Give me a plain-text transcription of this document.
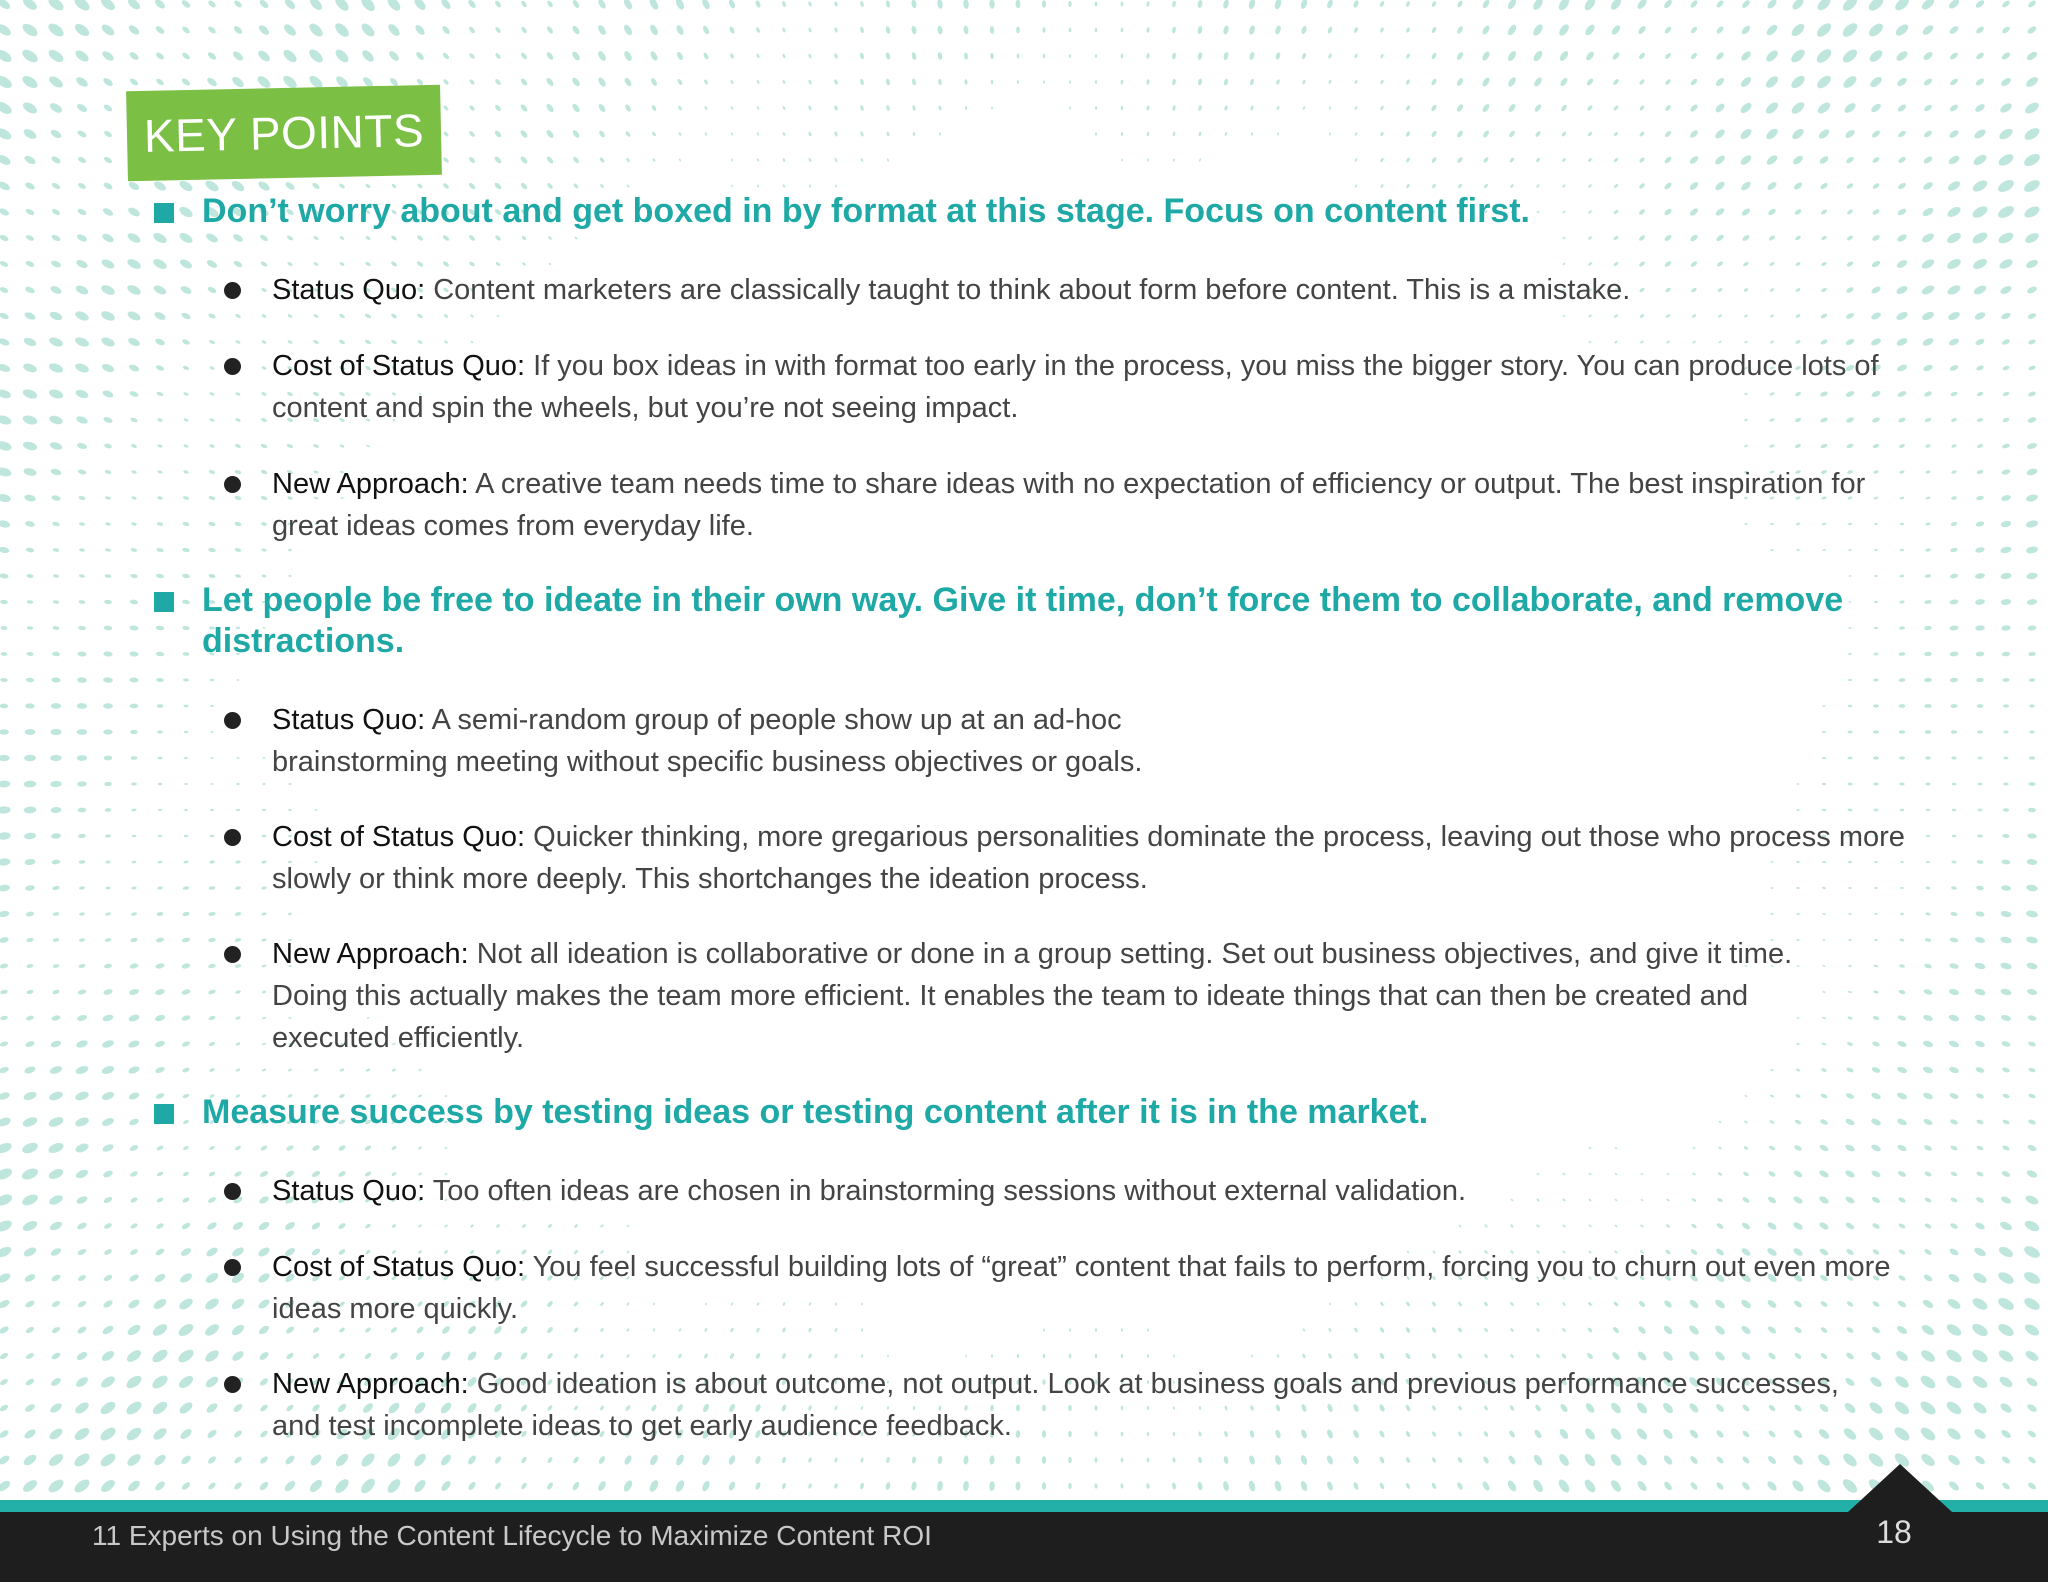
KEY POINTS
Don’t worry about and get boxed in by format at this stage. Focus on content first.
Status Quo: Content marketers are classically taught to think about form before content. This is a mistake.
Cost of Status Quo: If you box ideas in with format too early in the process, you miss the bigger story. You can produce lots of content and spin the wheels, but you’re not seeing impact.
New Approach: A creative team needs time to share ideas with no expectation of efficiency or output. The best inspiration for great ideas comes from everyday life.
Let people be free to ideate in their own way. Give it time, don’t force them to collaborate, and remove distractions.
Status Quo: A semi-random group of people show up at an ad-hoc brainstorming meeting without specific business objectives or goals.
Cost of Status Quo: Quicker thinking, more gregarious personalities dominate the process, leaving out those who process more slowly or think more deeply. This shortchanges the ideation process.
New Approach: Not all ideation is collaborative or done in a group setting. Set out business objectives, and give it time. Doing this actually makes the team more efficient. It enables the team to ideate things that can then be created and executed efficiently.
Measure success by testing ideas or testing content after it is in the market.
Status Quo: Too often ideas are chosen in brainstorming sessions without external validation.
Cost of Status Quo: You feel successful building lots of “great” content that fails to perform, forcing you to churn out even more ideas more quickly.
New Approach: Good ideation is about outcome, not output. Look at business goals and previous performance successes, and test incomplete ideas to get early audience feedback.
11 Experts on Using the Content Lifecycle to Maximize Content ROI	18
